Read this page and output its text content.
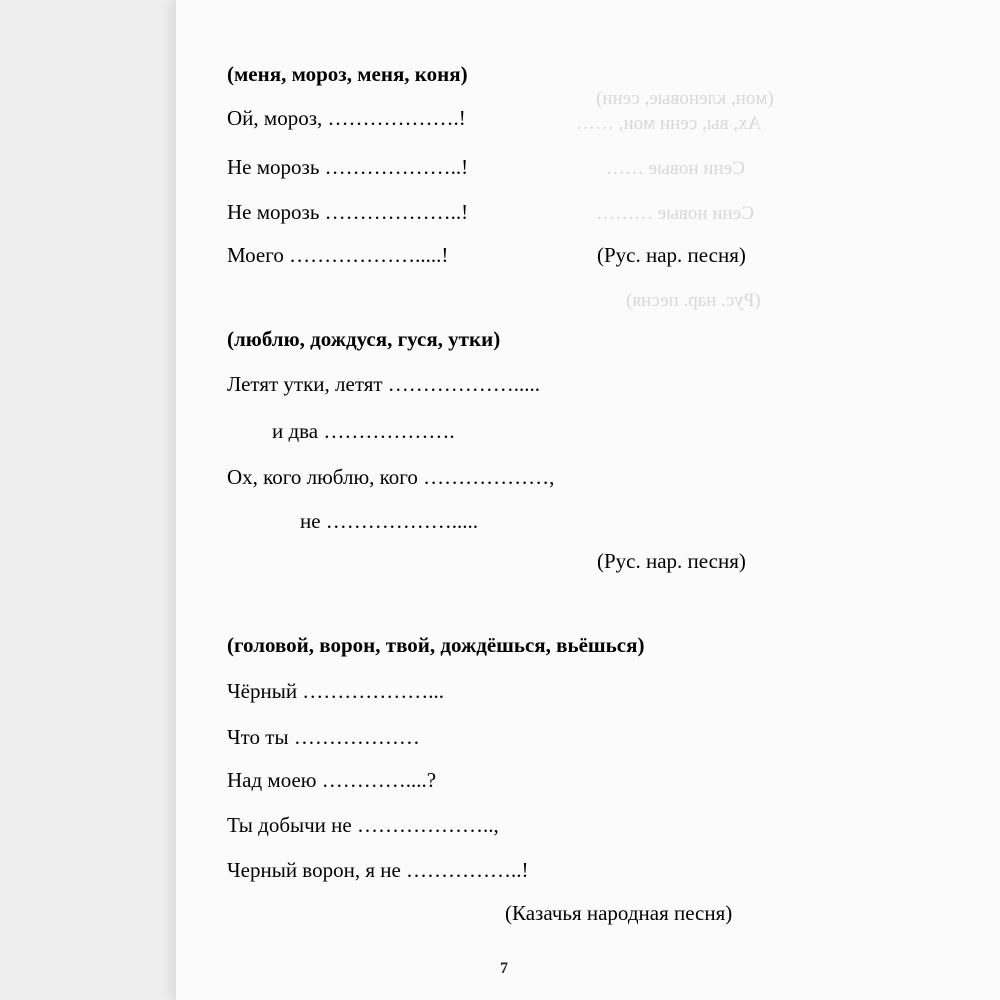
(мон, кленовые, сени)
Ах, вы, сени мои, ……
Сени новые ……
Сени новые ………
(Рус. нар. песня)
(меня, мороз, меня, коня)
Ой, мороз, ……………….!
Не морозь ………………..!
Не морозь ………………..!
Моего ……………….....!	(Рус. нар. песня)
(люблю, дождуся, гуся, утки)
Летят утки, летят ……………….....
и два ……………….
Ох, кого люблю, кого ………………,
не ……………….....
(Рус. нар. песня)
(головой, ворон, твой, дождёшься, вьёшься)
Чёрный ………………...
Что ты ………………
Над моею …………....?
Ты добычи не ………………..,
Черный ворон, я не ……………..!
(Казачья народная песня)
7
